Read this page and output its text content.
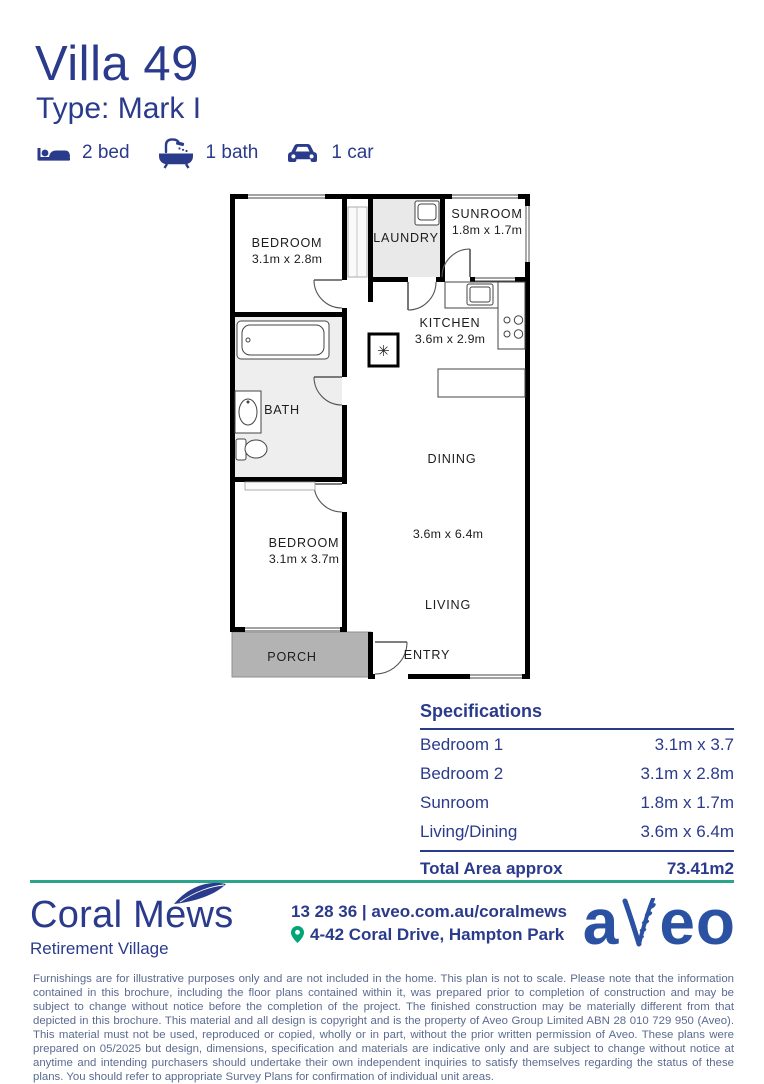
Villa 49
Type: Mark I
2 bed	1 bath	1 car
✳
BEDROOM
3.1m x 2.8m
LAUNDRY
SUNROOM
1.8m x 1.7m
KITCHEN
3.6m x 2.9m
BATH
DINING
3.6m x 6.4m
LIVING
BEDROOM
3.1m x 3.7m
PORCH	ENTRY
Specifications
Bedroom 1	3.1m x 3.7
Bedroom 2	3.1m x 2.8m
Sunroom	1.8m x 1.7m
Living/Dining	3.6m x 6.4m
Total Area approx	73.41m2
Coral Mews
Retirement Village
13 28 36 | aveo.com.au/coralmews
4-42 Coral Drive, Hampton Park a eo
Furnishings are for illustrative purposes only and are not included in the home. This plan is not to scale. Please note that the information contained in this brochure, including the floor plans contained within it, was prepared prior to completion of construction and may be subject to change without notice before the completion of the project. The finished construction may be materially different from that depicted in this brochure. This material and all design is copyright and is the property of Aveo Group Limited ABN 28 010 729 950 (Aveo). This material must not be used, reproduced or copied, wholly or in part, without the prior written permission of Aveo. These plans were prepared on 05/2025 but design, dimensions, specification and materials are indicative only and are subject to change without notice at anytime and intending purchasers should undertake their own independent inquiries to satisfy themselves regarding the status of these plans. You should refer to appropriate Survey Plans for confirmation of individual unit areas.
